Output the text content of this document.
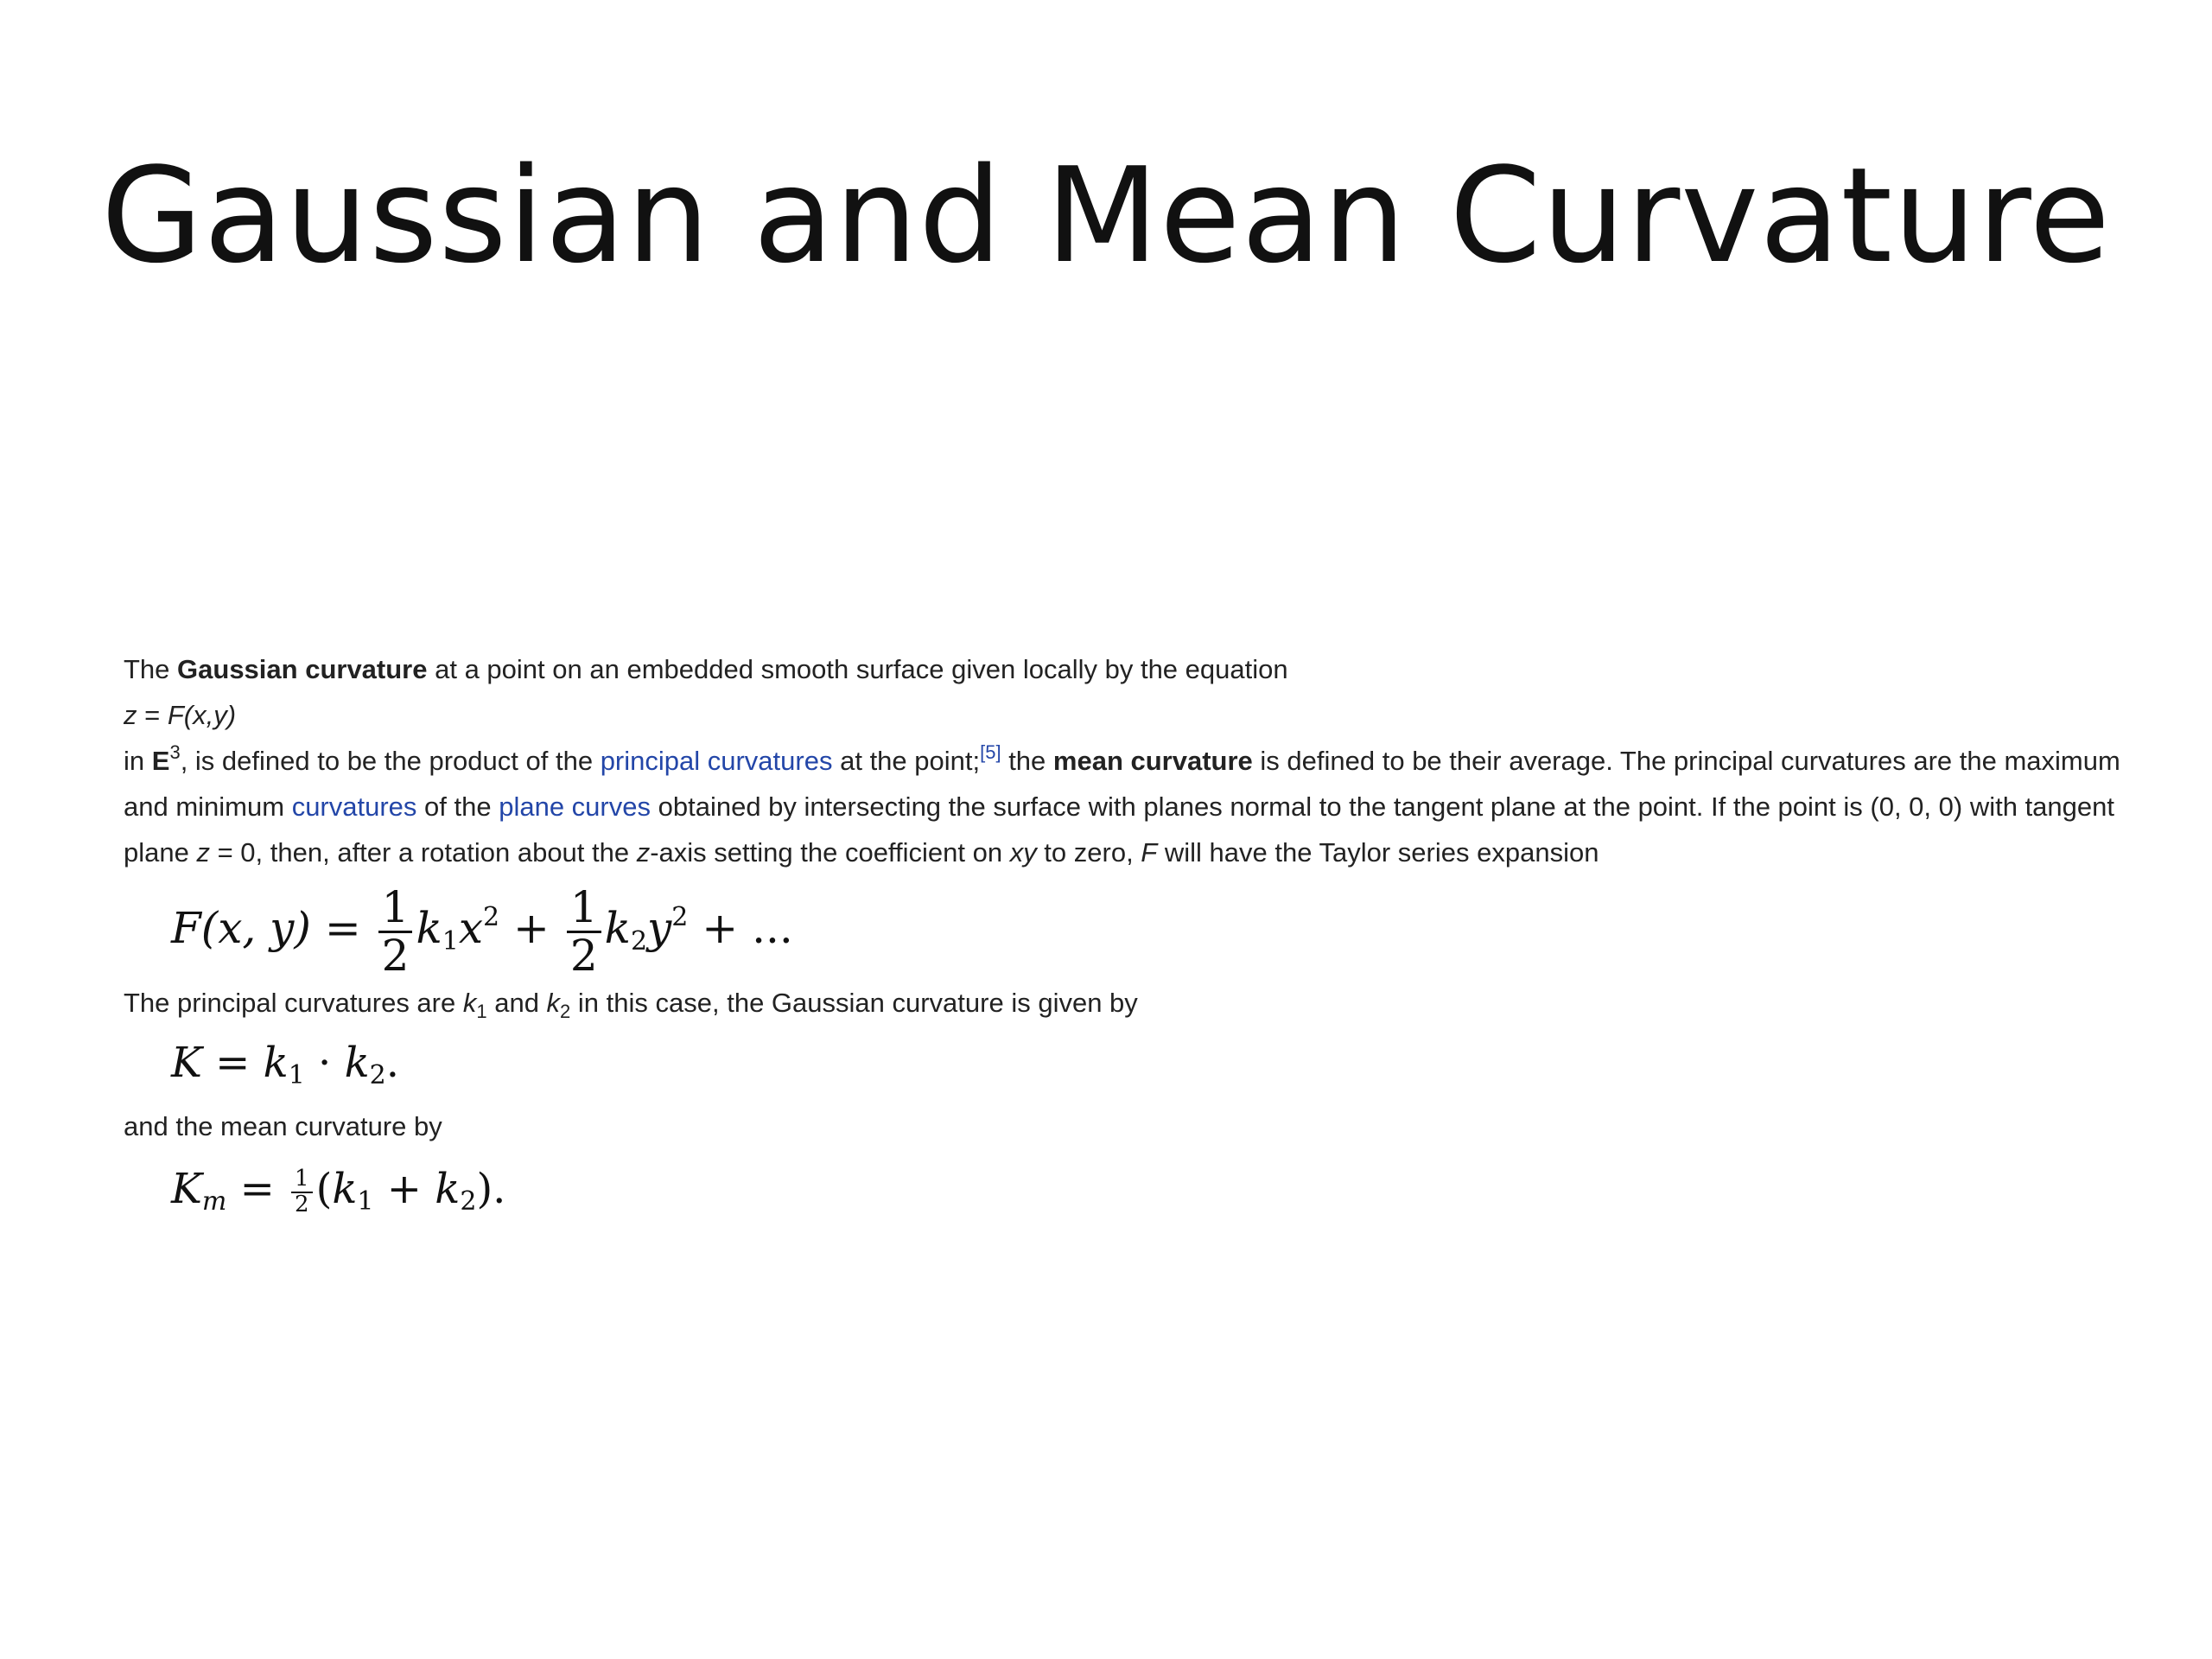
Gaussian and Mean Curvature

The Gaussian curvature at a point on an embedded smooth surface given locally by the equation

z = F(x,y)

in $E^3$, is defined to be the product of the principal curvatures at the point;[5] the mean curvature is defined to be their average. The principal curvatures are the maximum and minimum curvatures of the plane curves obtained by intersecting the surface with planes normal to the tangent plane at the point. If the point is (0, 0, 0) with tangent plane z = 0, then, after a rotation about the z-axis setting the coefficient on xy to zero, F will have the Taylor series expansion

F(x, $y) = \frac{1}{2} k_1x^2 + \frac{1}{2} k_2y^2$ + ...

The principal curvatures are $k_1$ and $k_2$ in this case, the Gaussian curvature is given by

$K = k_1 \cdot k_2$.

and the mean curvature by

$K_m = \frac{1}{2} (k_1 + k_2)$.
